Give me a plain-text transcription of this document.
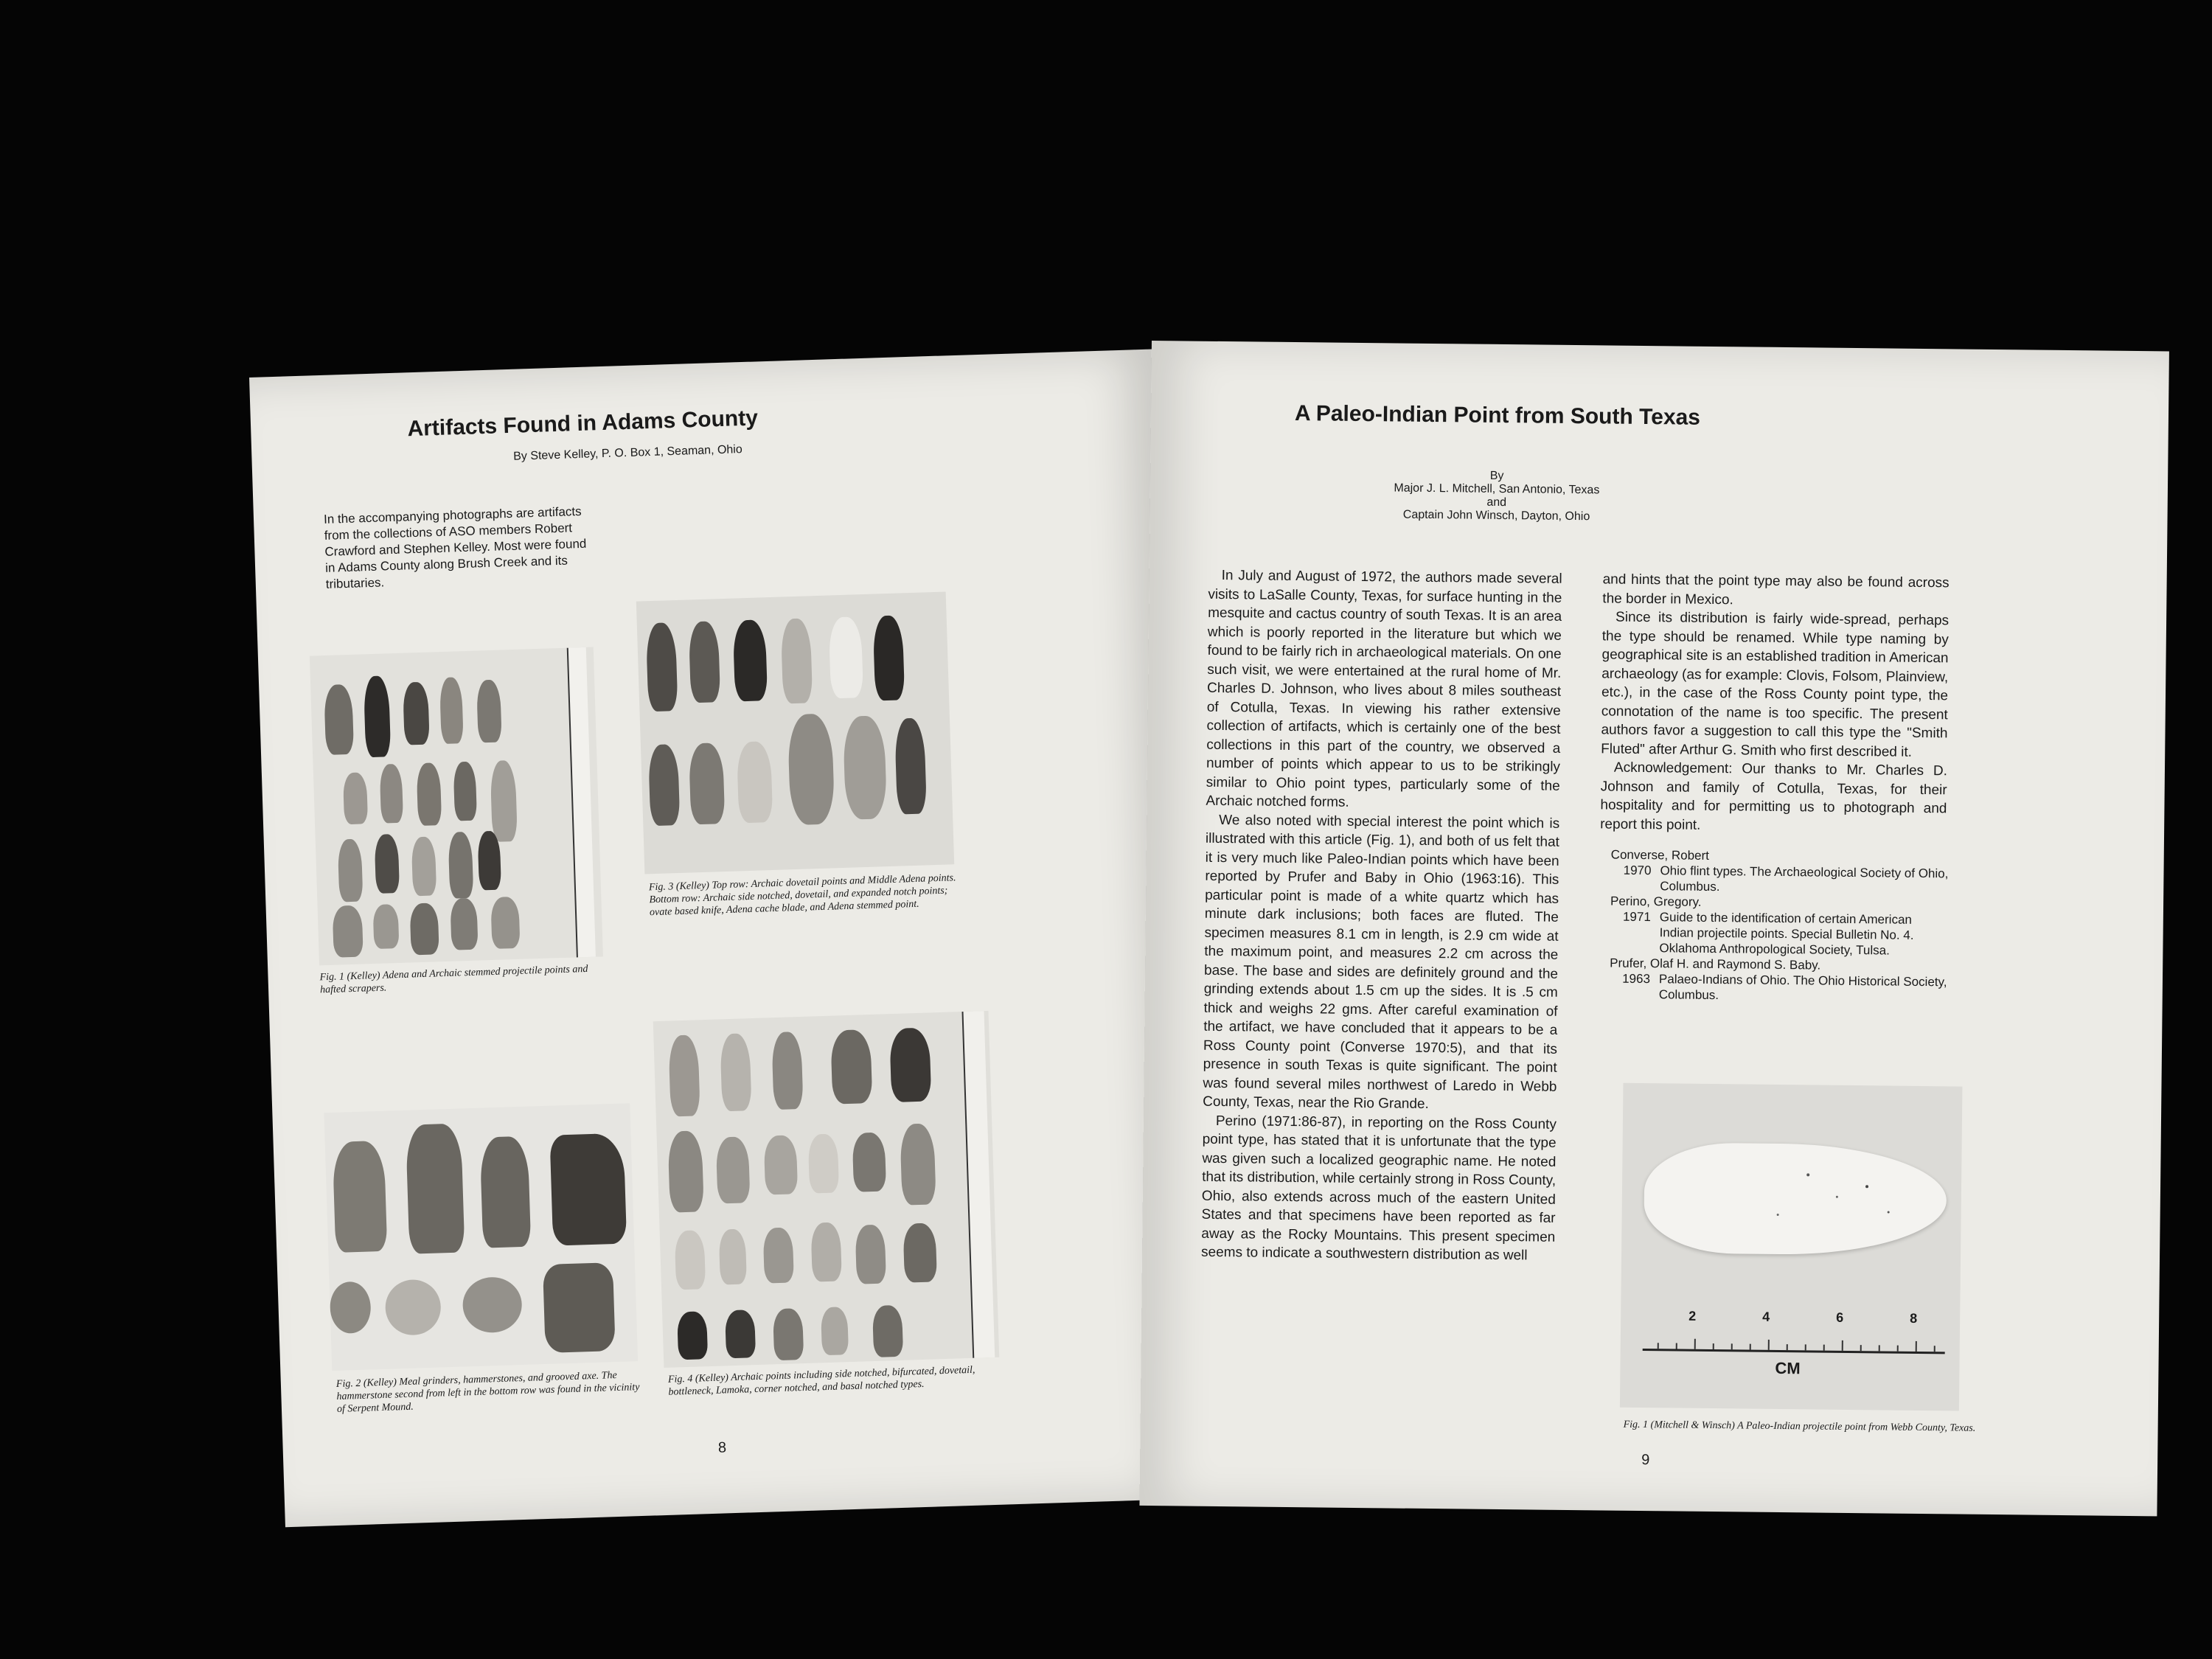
Artifacts Found in Adams County
By Steve Kelley, P. O. Box 1, Seaman, Ohio
In the accompanying photographs are artifacts from the collections of ASO members Robert Crawford and Stephen Kelley. Most were found in Adams County along Brush Creek and its tributaries.
Fig. 1 (Kelley) Adena and Archaic stemmed projectile points and hafted scrapers.
Fig. 3 (Kelley) Top row: Archaic dovetail points and Middle Adena points. Bottom row: Archaic side notched, dovetail, and expanded notch points; ovate based knife, Adena cache blade, and Adena stemmed point.
Fig. 2 (Kelley) Meal grinders, hammerstones, and grooved axe. The hammerstone second from left in the bottom row was found in the vicinity of Serpent Mound.
Fig. 4 (Kelley) Archaic points including side notched, bifurcated, dovetail, bottleneck, Lamoka, corner notched, and basal notched types.
8
A Paleo-Indian Point from South Texas
By
Major J. L. Mitchell, San Antonio, Texas
and
Captain John Winsch, Dayton, Ohio

In July and August of 1972, the authors made several visits to LaSalle County, Texas, for surface hunting in the mesquite and cactus country of south Texas. It is an area which is poorly reported in the literature but which we found to be fairly rich in archaeological materials. On one such visit, we were entertained at the rural home of Mr. Charles D. Johnson, who lives about 8 miles southeast of Cotulla, Texas. In viewing his rather extensive collection of artifacts, which is certainly one of the best collections in this part of the country, we observed a number of points which appear to us to be strikingly similar to Ohio point types, particularly some of the Archaic notched forms.

We also noted with special interest the point which is illustrated with this article (Fig. 1), and both of us felt that it is very much like Paleo-Indian points which have been reported by Prufer and Baby in Ohio (1963:16). This particular point is made of a white quartz which has minute dark inclusions; both faces are fluted. The specimen measures 8.1 cm in length, is 2.9 cm wide at the maximum point, and measures 2.2 cm across the base. The base and sides are definitely ground and the grinding extends about 1.5 cm up the sides. It is .5 cm thick and weighs 22 gms. After careful examination of the artifact, we have concluded that it appears to be a Ross County point (Converse 1970:5), and that its presence in south Texas is quite significant. The point was found several miles northwest of Laredo in Webb County, Texas, near the Rio Grande.

Perino (1971:86-87), in reporting on the Ross County point type, has stated that it is unfortunate that the type was given such a localized geographic name. He noted that its distribution, while certainly strong in Ross County, Ohio, also extends across much of the eastern United States and that specimens have been reported as far away as the Rocky Mountains. This present specimen seems to indicate a southwestern distribution as well

and hints that the point type may also be found across the border in Mexico.

Since its distribution is fairly wide-spread, perhaps the type should be renamed. While type naming by geographical site is an established tradition in American archaeology (as for example: Clovis, Folsom, Plainview, etc.), in the case of the Ross County point type, the connotation of the name is too specific. The present authors favor a suggestion to call this type the "Smith Fluted" after Arthur G. Smith who first described it.

Acknowledgement: Our thanks to Mr. Charles D. Johnson and family of Cotulla, Texas, for their hospitality and for permitting us to photograph and report this point.

Converse, Robert
1970 Ohio flint types. The Archaeological Society of Ohio, Columbus.
Perino, Gregory.
1971 Guide to the identification of certain American Indian projectile points. Special Bulletin No. 4. Oklahoma Anthropological Society, Tulsa.
Prufer, Olaf H. and Raymond S. Baby.
1963 Palaeo-Indians of Ohio. The Ohio Historical Society, Columbus.
2	4	6	8
CM
Fig. 1 (Mitchell & Winsch) A Paleo-Indian projectile point from Webb County, Texas.
9
